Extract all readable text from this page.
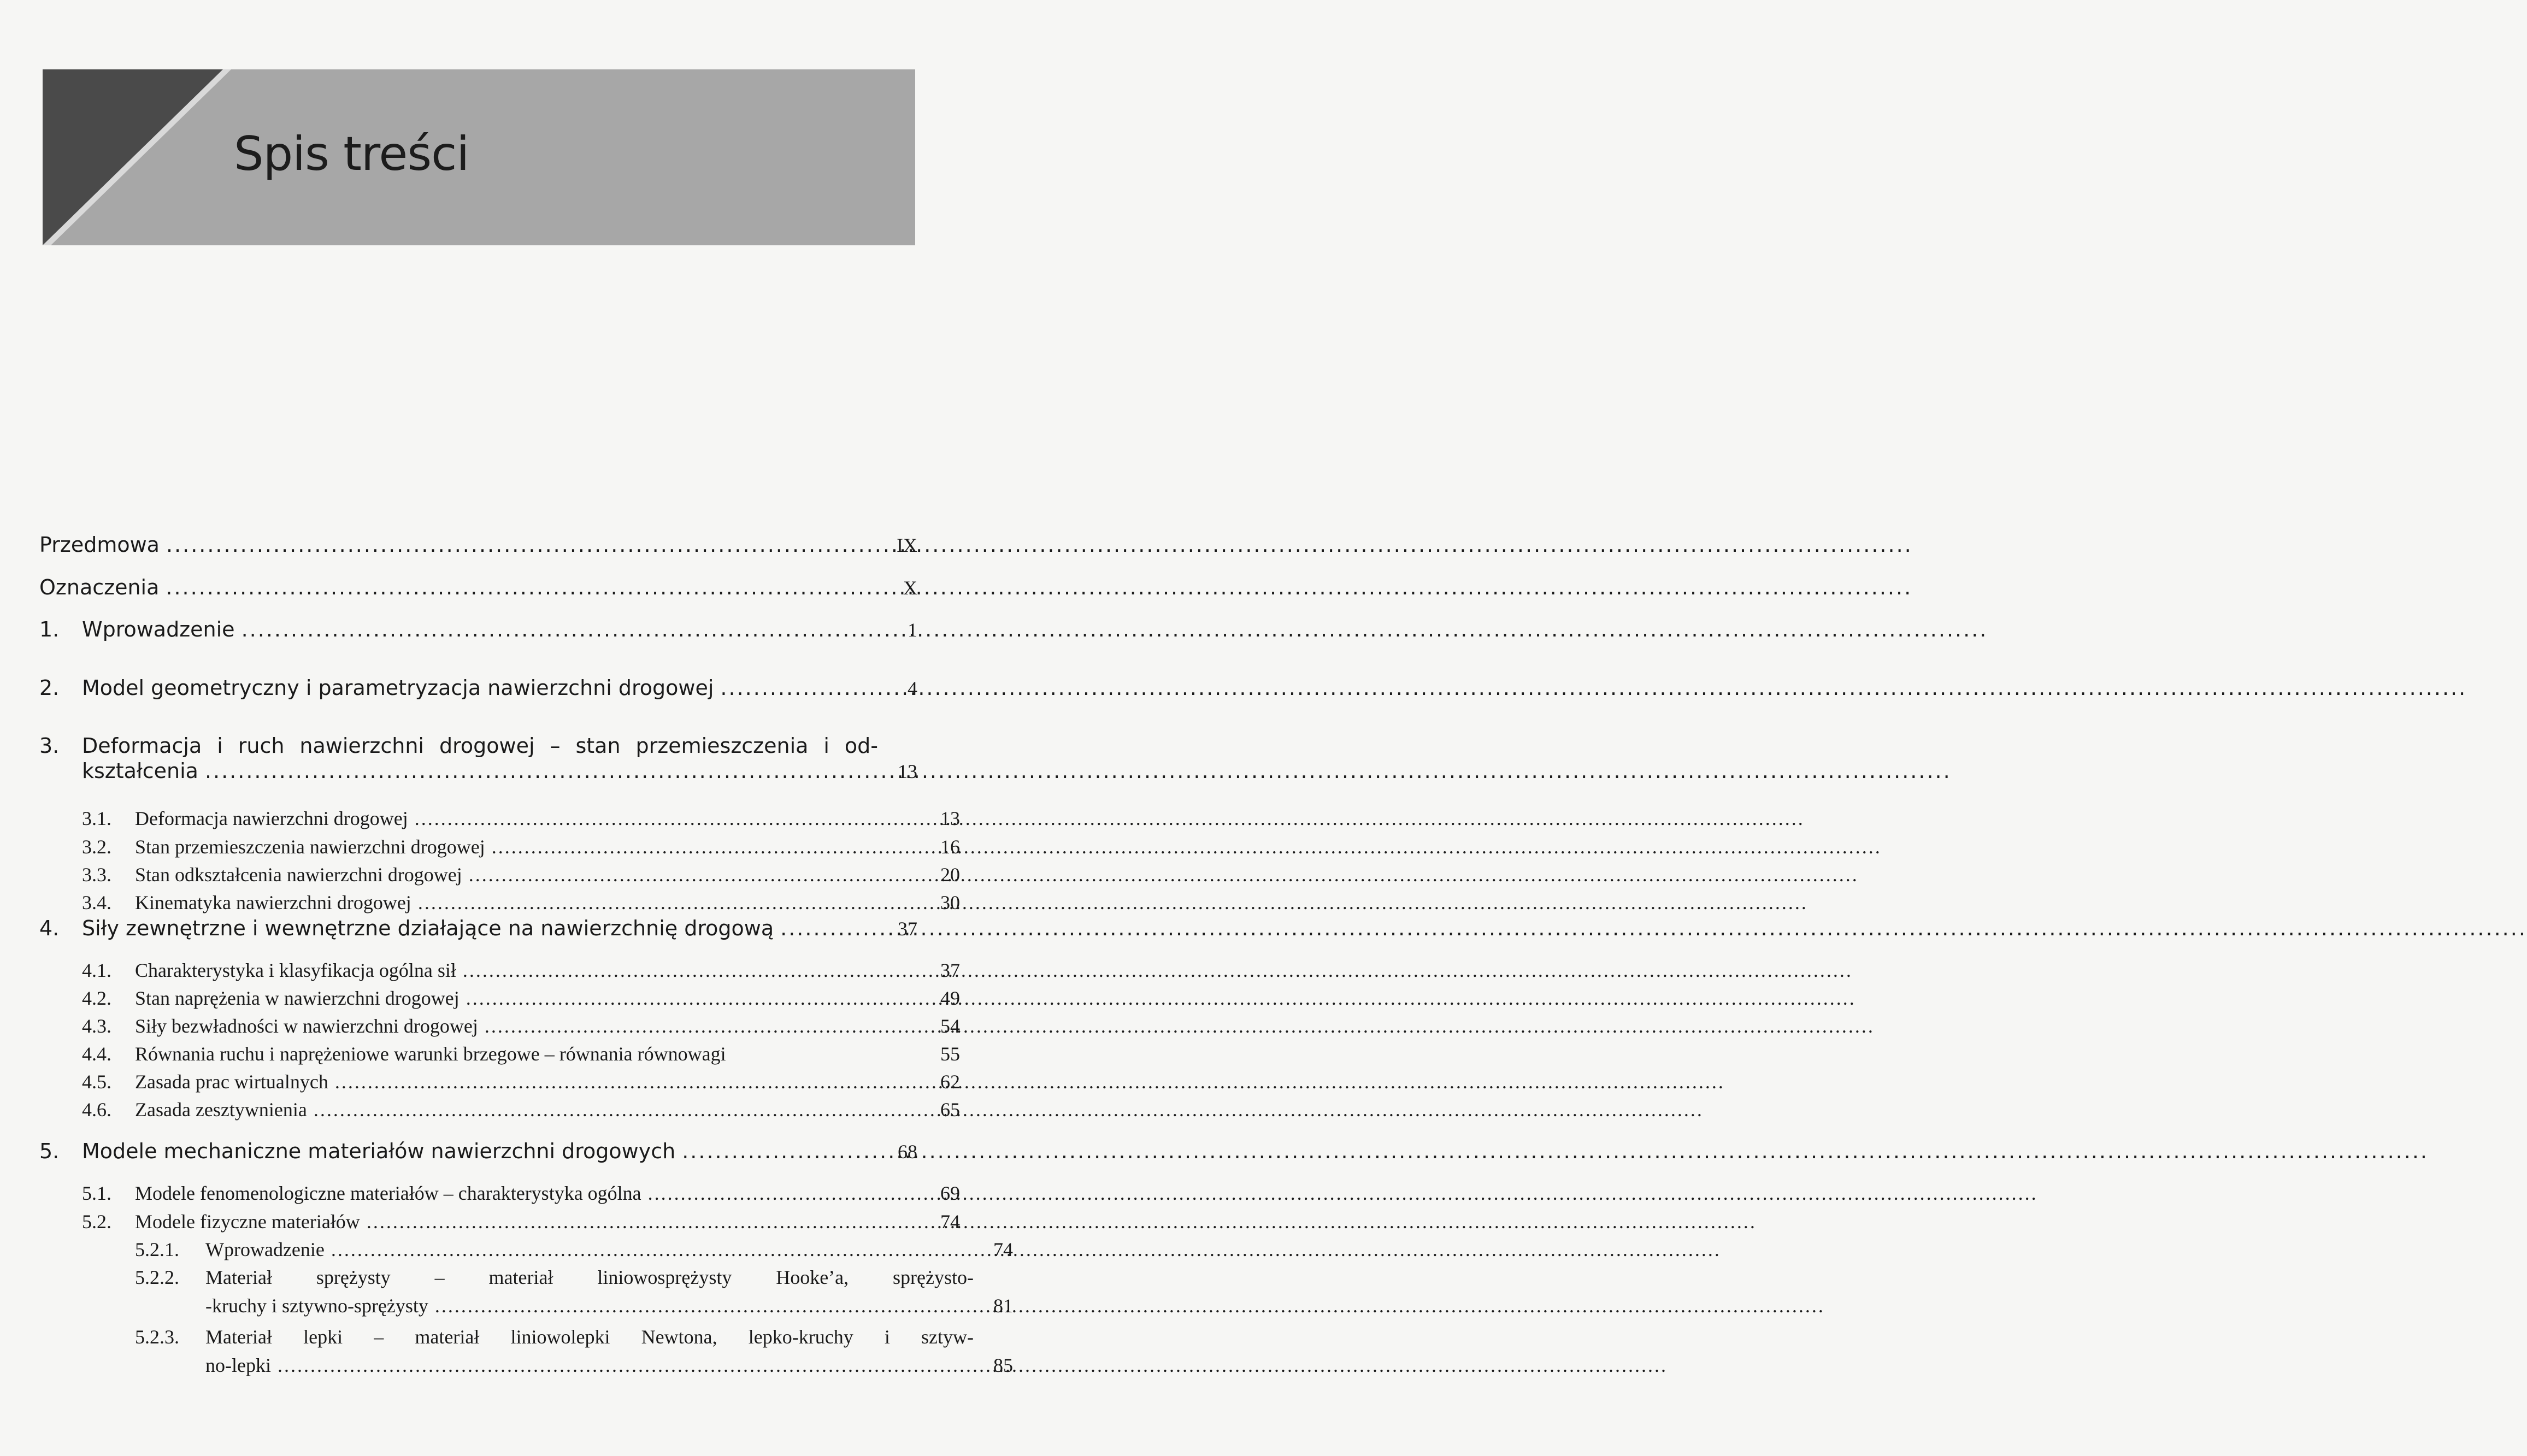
Spis treści
Przedmowa .....	IX
Oznaczenia .....	X
1.	Wprowadzenie .....	1
2.	Model geometryczny i parametryzacja nawierzchni drogowej .....	4
3.	Deformacja i ruch nawierzchni drogowej – stan przemieszczenia i od-
kształcenia .....	13
3.1.	Deformacja nawierzchni drogowej .....	13
3.2.	Stan przemieszczenia nawierzchni drogowej .....	16
3.3.	Stan odkształcenia nawierzchni drogowej .....	20
3.4.	Kinematyka nawierzchni drogowej .....	30
4.	Siły zewnętrzne i wewnętrzne działające na nawierzchnię drogową .....	37
4.1.	Charakterystyka i klasyfikacja ogólna sił .....	37
4.2.	Stan naprężenia w nawierzchni drogowej .....	49
4.3.	Siły bezwładności w nawierzchni drogowej .....	54
4.4.	Równania ruchu i naprężeniowe warunki brzegowe – równania równowagi	55
4.5.	Zasada prac wirtualnych .....	62
4.6.	Zasada zesztywnienia .....	65
5.	Modele mechaniczne materiałów nawierzchni drogowych .....	68
5.1.	Modele fenomenologiczne materiałów – charakterystyka ogólna .....	69
5.2.	Modele fizyczne materiałów .....	74
5.2.1.	Wprowadzenie .....	74
5.2.2.	Materiał sprężysty – materiał liniowosprężysty Hooke’a, sprężysto-
-kruchy i sztywno-sprężysty .....	81
5.2.3.	Materiał lepki – materiał liniowolepki Newtona, lepko-kruchy i sztyw-
no-lepki .....	85
